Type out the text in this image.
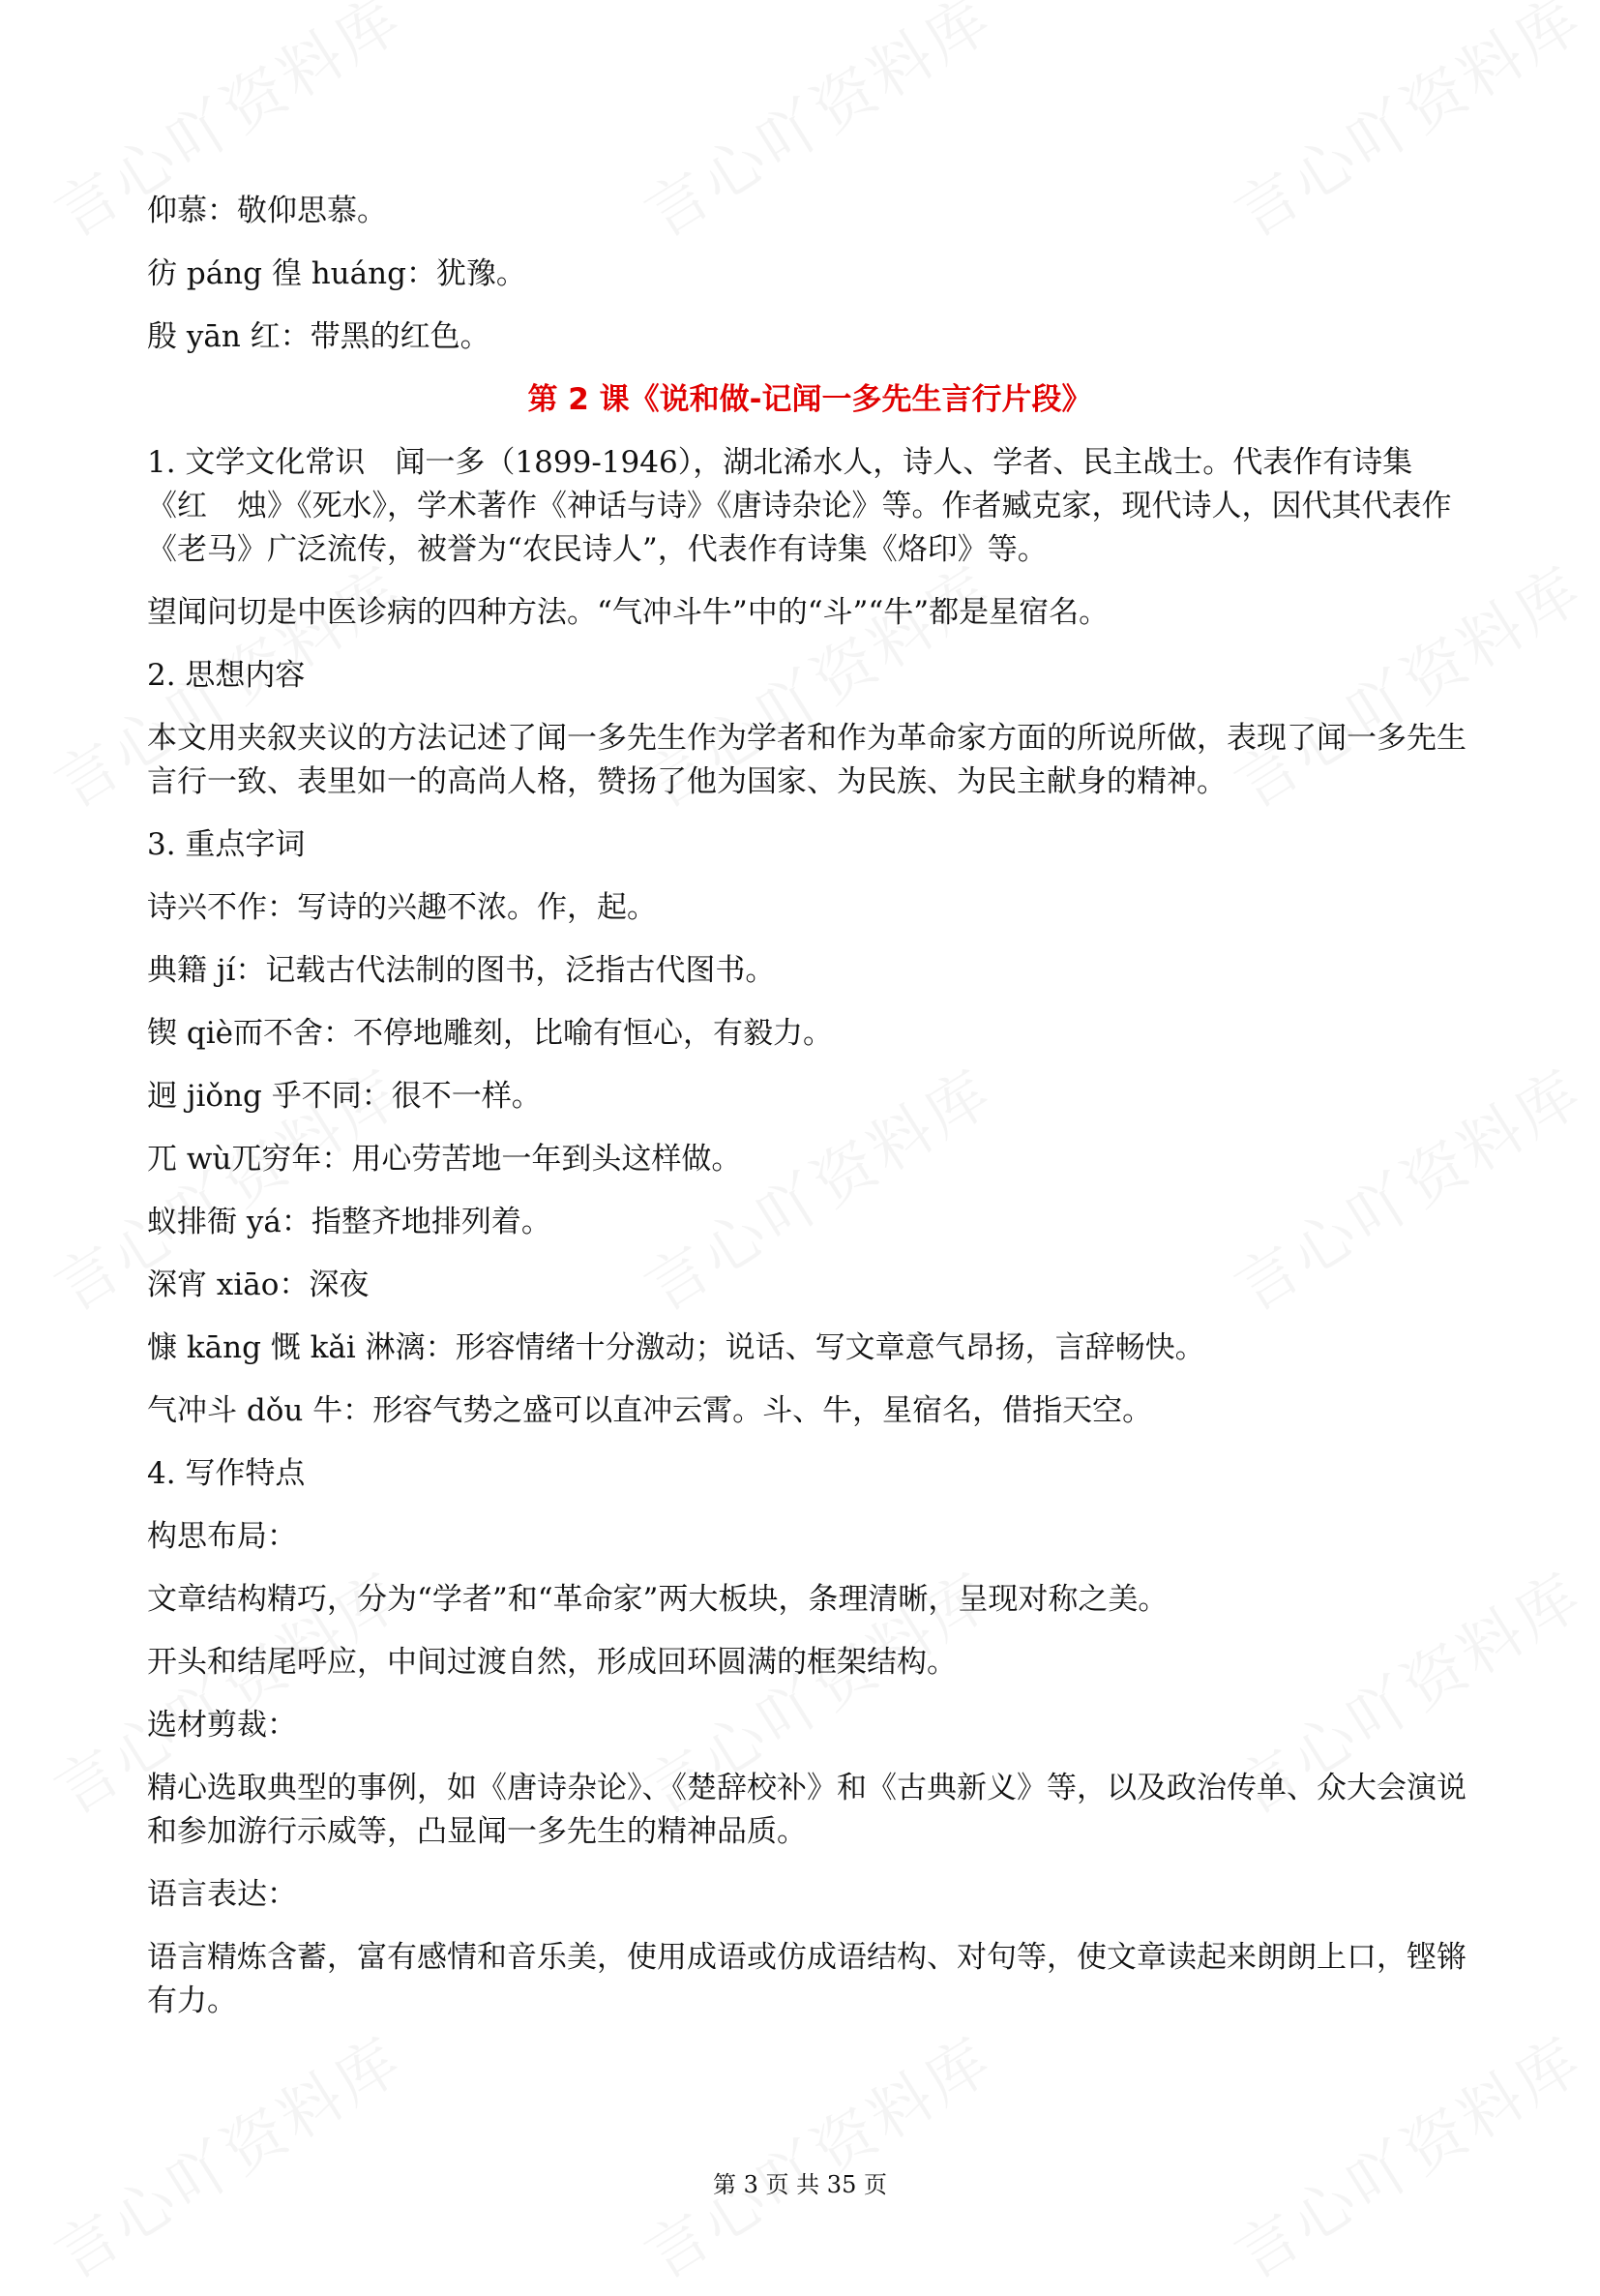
仰慕：敬仰思慕。

彷 páng 徨 huáng：犹豫。

殷 yān 红：带黑的红色。

第 2 课《说和做-记闻一多先生言行片段》

1. 文学文化常识　闻一多（1899-1946），湖北浠水人，诗人、学者、民主战士。代表作有诗集《红　烛》《死水》，学术著作《神话与诗》《唐诗杂论》等。作者臧克家，现代诗人，因代其代表作《老马》广泛流传，被誉为“农民诗人”，代表作有诗集《烙印》等。

望闻问切是中医诊病的四种方法。“气冲斗牛”中的“斗”“牛”都是星宿名。

2. 思想内容

本文用夹叙夹议的方法记述了闻一多先生作为学者和作为革命家方面的所说所做，表现了闻一多先生言行一致、表里如一的高尚人格，赞扬了他为国家、为民族、为民主献身的精神。

3. 重点字词

诗兴不作：写诗的兴趣不浓。作，起。

典籍 jí：记载古代法制的图书，泛指古代图书。

锲 qiè而不舍：不停地雕刻，比喻有恒心，有毅力。

迥 jiǒng 乎不同：很不一样。

兀 wù兀穷年：用心劳苦地一年到头这样做。

蚁排衙 yá：指整齐地排列着。

深宵 xiāo：深夜

慷 kāng 慨 kǎi 淋漓：形容情绪十分激动；说话、写文章意气昂扬，言辞畅快。

气冲斗 dǒu 牛：形容气势之盛可以直冲云霄。斗、牛，星宿名，借指天空。

4. 写作特点

构思布局：

文章结构精巧，分为“学者”和“革命家”两大板块，条理清晰，呈现对称之美。

开头和结尾呼应，中间过渡自然，形成回环圆满的框架结构。

选材剪裁：

精心选取典型的事例，如《唐诗杂论》、《楚辞校补》和《古典新义》等，以及政治传单、众大会演说和参加游行示威等，凸显闻一多先生的精神品质。

语言表达：

语言精炼含蓄，富有感情和音乐美，使用成语或仿成语结构、对句等，使文章读起来朗朗上口，铿锵有力。

第 3 页 共 35 页
